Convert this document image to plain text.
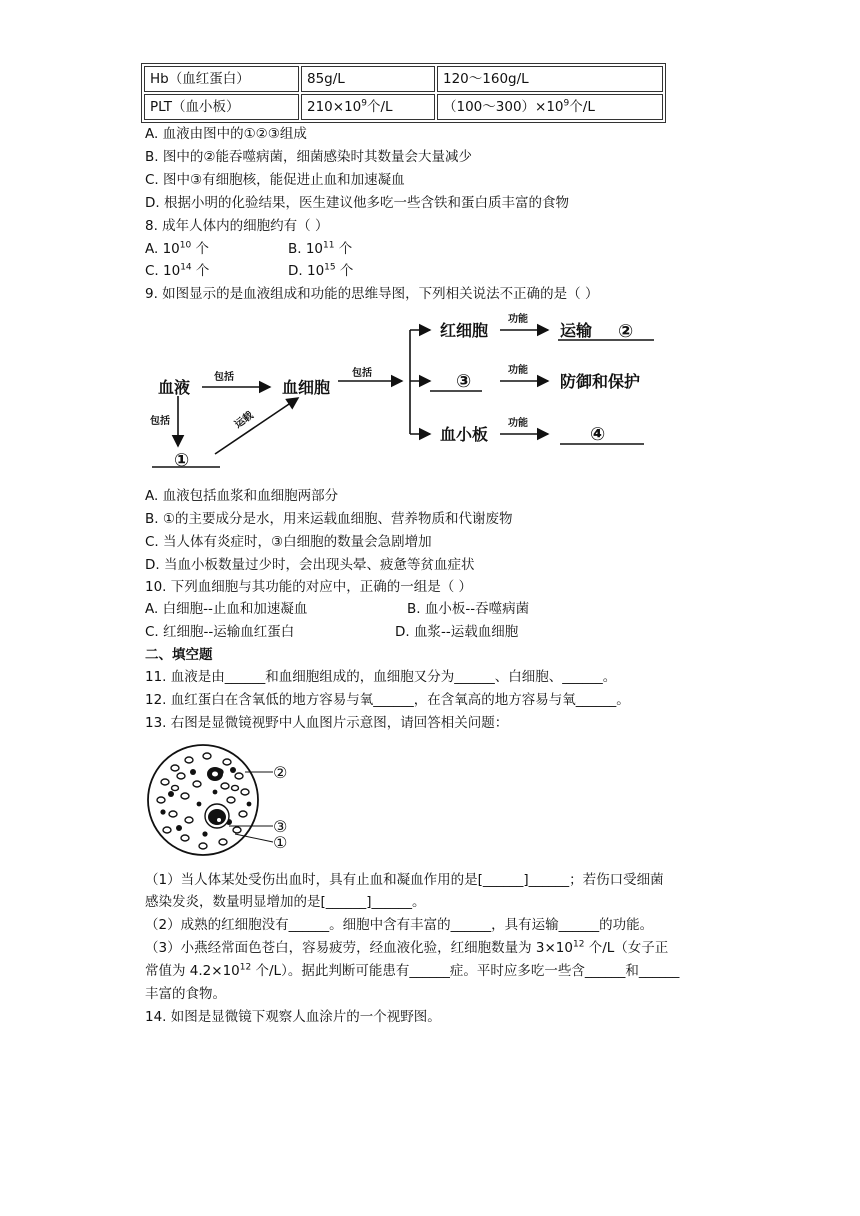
Hb（血红蛋白）	85g/L	120～160g/L
PLT（血小板）	$210\times 10^9$个/L	$(100\sim 300)\times 10^9$个/L
A. 血液由图中的①②③组成
B. 图中的②能吞噬病菌，细菌感染时其数量会大量减少
C. 图中③有细胞核，能促进止血和加速凝血
D. 根据小明的化验结果，医生建议他多吃一些含铁和蛋白质丰富的食物
8. 成年人体内的细胞约有（ ）
A. $10^{10}$ 个	B. $10^{11}$ 个
C. $10^{14}$ 个	D. $10^{15}$ 个
9. 如图显示的是血液组成和功能的思维导图，下列相关说法不正确的是（ ）
血液
包括
包括
血细胞
运载
包括
红细胞
功能
运输 ②
③
功能
防御和保护
血小板
功能
④
①
A. 血液包括血浆和血细胞两部分
B. ①的主要成分是水，用来运载血细胞、营养物质和代谢废物
C. 当人体有炎症时，③白细胞的数量会急剧增加
D. 当血小板数量过少时，会出现头晕、疲惫等贫血症状
10. 下列血细胞与其功能的对应中，正确的一组是（ ）
A. 白细胞--止血和加速凝血	B. 血小板--吞噬病菌
C. 红细胞--运输血红蛋白	D. 血浆--运载血细胞
二、填空题
11. 血液是由______和血细胞组成的，血细胞又分为______、白细胞、______。
12. 血红蛋白在含氧低的地方容易与氧______，在含氧高的地方容易与氧______。
13. 右图是显微镜视野中人血图片示意图，请回答相关问题：
②
③
①
（1）当人体某处受伤出血时，具有止血和凝血作用的是[______]______；若伤口受细菌
感染发炎，数量明显增加的是[______]______。
（2）成熟的红细胞没有______。细胞中含有丰富的______，具有运输______的功能。
（3）小燕经常面色苍白，容易疲劳，经血液化验，红细胞数量为 $3\times 10^{12}$ 个/L（女子正
常值为 $4.2\times 10^{12}$ 个/L）。据此判断可能患有______症。平时应多吃一些含______和______
丰富的食物。
14. 如图是显微镜下观察人血涂片的一个视野图。
